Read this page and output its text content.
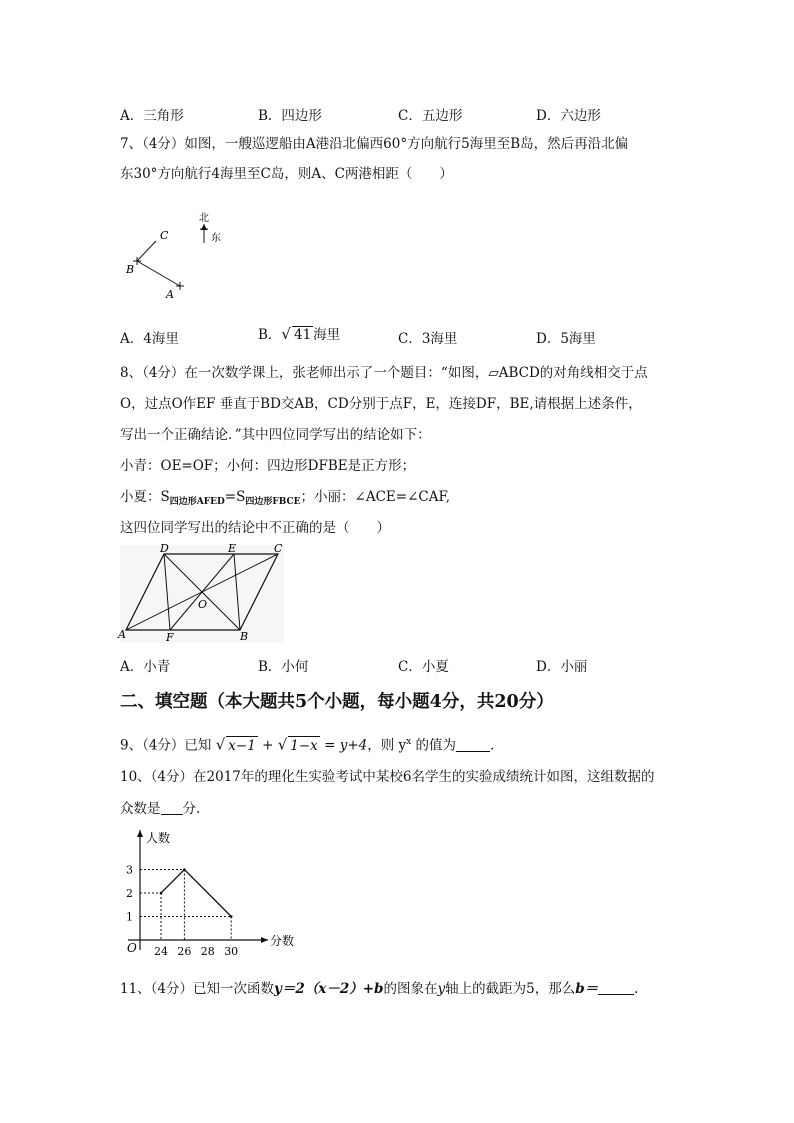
A．三角形	B．四边形	C．五边形	D．六边形
7、（4分）如图，一艘巡逻船由A港沿北偏西60°方向航行5海里至B岛，然后再沿北偏
东30°方向航行4海里至C岛，则A、C两港相距（　　）
C
B
A
北
东
A．4海里	B．√ 41 海里	C．3海里	D．5海里
8、（4分）在一次数学课上，张老师出示了一个题目：“如图，▱ABCD的对角线相交于点
O，过点O作EF 垂直于BD交AB，CD分别于点F，E，连接DF，BE,请根据上述条件，
写出一个正确结论．”其中四位同学写出的结论如下：
小青：OE=OF；小何：四边形DFBE是正方形；
小夏：$S_{四边形AFED}=S_{四边形FBCE}$；小丽：∠ACE=∠CAF,
这四位同学写出的结论中不正确的是（　　）
D	E	C
O
A	F	B
A．小青	B．小何	C．小夏	D．小丽
二、填空题（本大题共5个小题，每小题4分，共20分）
9、（4分）已知 √ x−1 + √ 1−x = y+4，则 $y^x$ 的值为	.
10、（4分）在2017年的理化生实验考试中某校6名学生的实验成绩统计如图，这组数据的
众数是 分.
O
人数
分数
1
2
3
24 26 28 30
11、（4分）已知一次函数y＝2（x－2）+b的图象在y轴上的截距为5，那么b＝	.
